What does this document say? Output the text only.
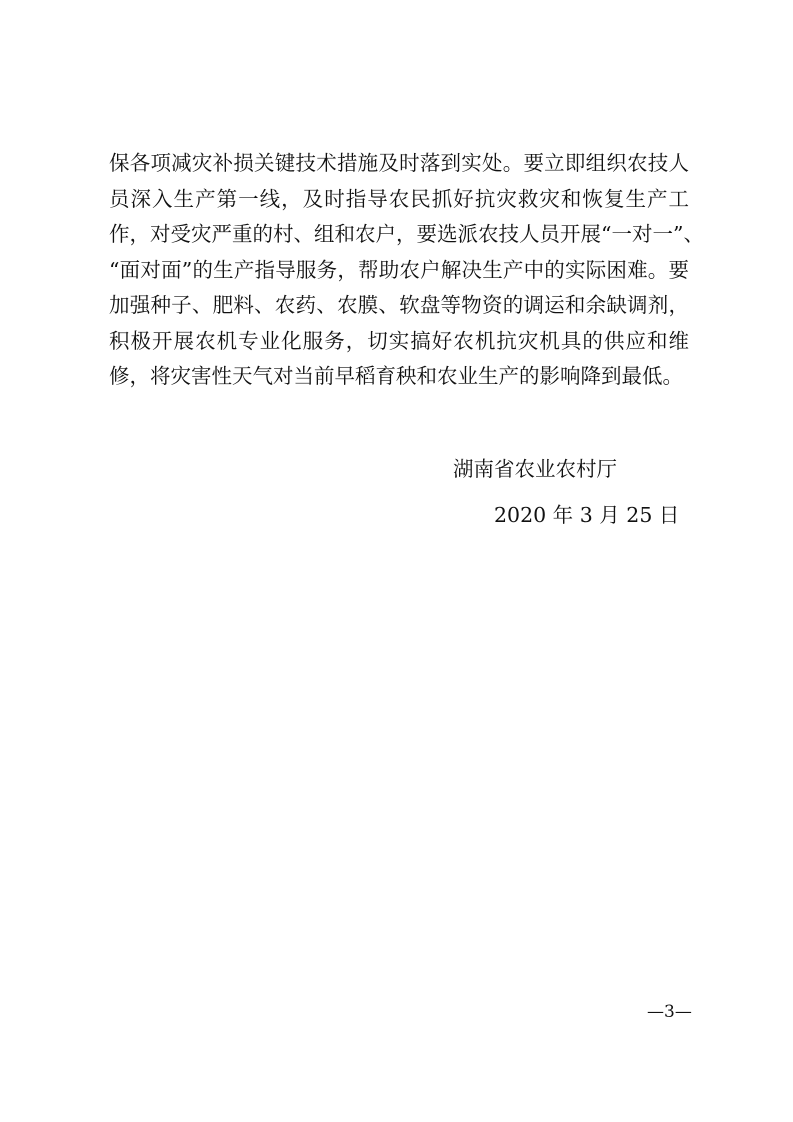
保各项减灾补损关键技术措施及时落到实处。要立即组织农技人
员深入生产第一线，及时指导农民抓好抗灾救灾和恢复生产工
作，对受灾严重的村、组和农户，要选派农技人员开展“一对一”、
“面对面”的生产指导服务，帮助农户解决生产中的实际困难。要
加强种子、肥料、农药、农膜、软盘等物资的调运和余缺调剂，
积极开展农机专业化服务，切实搞好农机抗灾机具的供应和维
修，将灾害性天气对当前早稻育秧和农业生产的影响降到最低。
湖南省农业农村厅
2020 年 3 月 25 日
—3—
